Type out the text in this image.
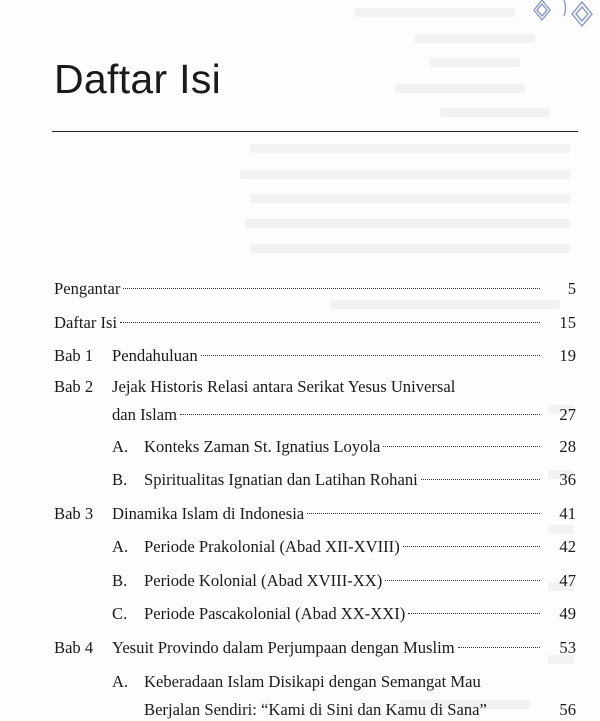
Daftar Isi
Pengantar	5
Daftar Isi	15
Bab 1 Pendahuluan	19
Bab 2 Jejak Historis Relasi antara Serikat Yesus Universal
dan Islam	27
A. Konteks Zaman St. Ignatius Loyola	28
B.	Spiritualitas Ignatian dan Latihan Rohani	36
Bab 3 Dinamika Islam di Indonesia	41
A. Periode Prakolonial (Abad XII-XVIII)	42
B.	Periode Kolonial (Abad XVIII-XX)	47
C.	Periode Pascakolonial (Abad XX-XXI)	49
Bab 4 Yesuit Provindo dalam Perjumpaan dengan Muslim	53
A. Keberadaan Islam Disikapi dengan Semangat Mau
Berjalan Sendiri: “Kami di Sini dan Kamu di Sana”	56
